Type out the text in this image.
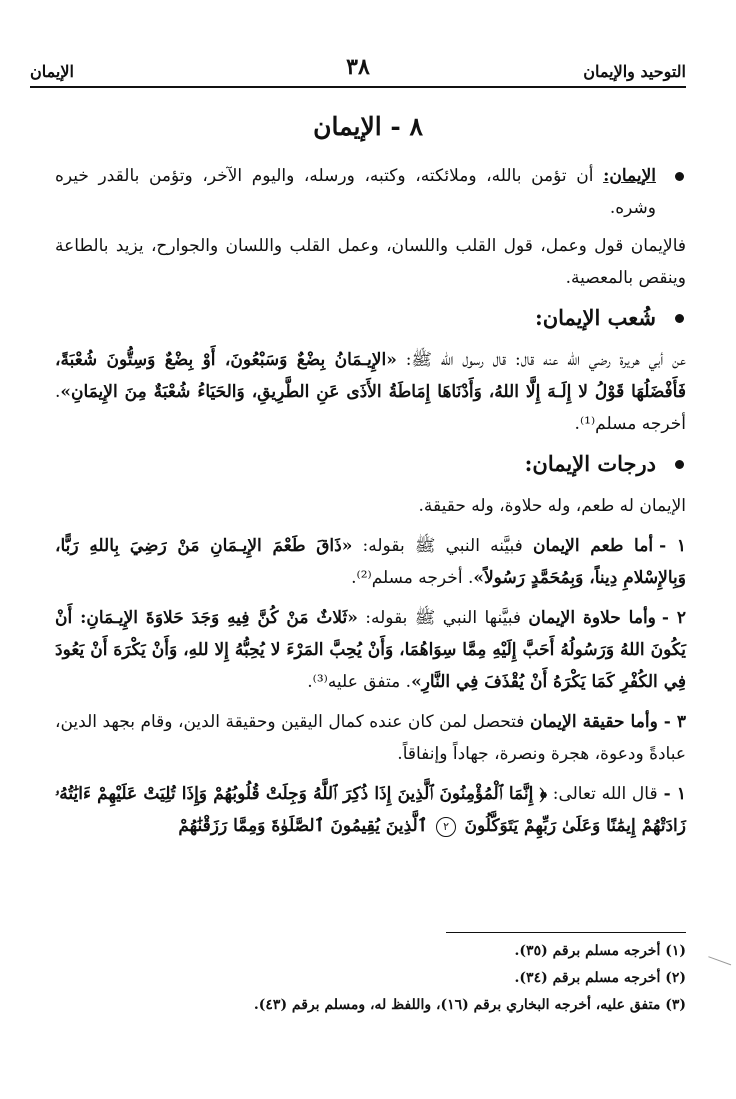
التوحيد والإيمان
٣٨
الإيمان
٨ - الإيمان

الإيمان: أن تؤمن بالله، وملائكته، وكتبه، ورسله، واليوم الآخر، وتؤمن بالقدر خيره وشره.

فالإيمان قول وعمل، قول القلب واللسان، وعمل القلب واللسان والجوارح، يزيد بالطاعة وينقص بالمعصية.

شُعب الإيمان:

عن أبي هريرة رضي الله عنه قال: قال رسول الله ﷺ: «الإِيـمَانُ بِضْعٌ وَسَبْعُونَ، أَوْ بِضْعٌ وَسِتُّونَ شُعْبَةً، فَأَفْضَلُهَا قَوْلُ لا إِلَـهَ إِلَّا اللهُ، وَأَدْنَاهَا إِمَاطَةُ الأَذَى عَنِ الطَّرِيقِ، وَالحَيَاءُ شُعْبَةٌ مِنَ الإِيمَانِ». أخرجه مسلم⁽¹⁾.

درجات الإيمان:

الإيمان له طعم، وله حلاوة، وله حقيقة.

١ -أما طعم الإيمان فبيَّنه النبي ﷺ بقوله: «ذَاقَ طَعْمَ الإِيـمَانِ مَنْ رَضِيَ بِاللهِ رَبًّا، وَبِالإِسْلامِ دِيناً، وَبِمُحَمَّدٍ رَسُولاً». أخرجه مسلم⁽²⁾.

٢ -وأما حلاوة الإيمان فبيَّنها النبي ﷺ بقوله: «ثَلاثٌ مَنْ كُنَّ فِيهِ وَجَدَ حَلاوَةَ الإِيـمَانِ: أَنْ يَكُونَ اللهُ وَرَسُولُهُ أَحَبَّ إِلَيْهِ مِمَّا سِوَاهُمَا، وَأَنْ يُحِبَّ المَرْءَ لا يُحِبُّهُ إِلا للهِ، وَأَنْ يَكْرَهَ أَنْ يَعُودَ فِي الكُفْرِ كَمَا يَكْرَهُ أَنْ يُقْذَفَ فِي النَّارِ». متفق عليه⁽³⁾.

٣ -وأما حقيقة الإيمان فتحصل لمن كان عنده كمال اليقين وحقيقة الدين، وقام بجهد الدين، عبادةً ودعوة، هجرة ونصرة، جهاداً وإنفاقاً.

١ -قال الله تعالى: ﴿ إِنَّمَا ٱلْمُؤْمِنُونَ ٱلَّذِينَ إِذَا ذُكِرَ ٱللَّهُ وَجِلَتْ قُلُوبُهُمْ وَإِذَا تُلِيَتْ عَلَيْهِمْ ءَايَٰتُهُۥ زَادَتْهُمْ إِيمَٰنًا وَعَلَىٰ رَبِّهِمْ يَتَوَكَّلُونَ ٢ ٱلَّذِينَ يُقِيمُونَ ٱلصَّلَوٰةَ وَمِمَّا رَزَقْنَٰهُمْ

(١) أخرجه مسلم برقم (٣٥).

(٢) أخرجه مسلم برقم (٣٤).

(٣) متفق عليه، أخرجه البخاري برقم (١٦)، واللفظ له، ومسلم برقم (٤٣).
